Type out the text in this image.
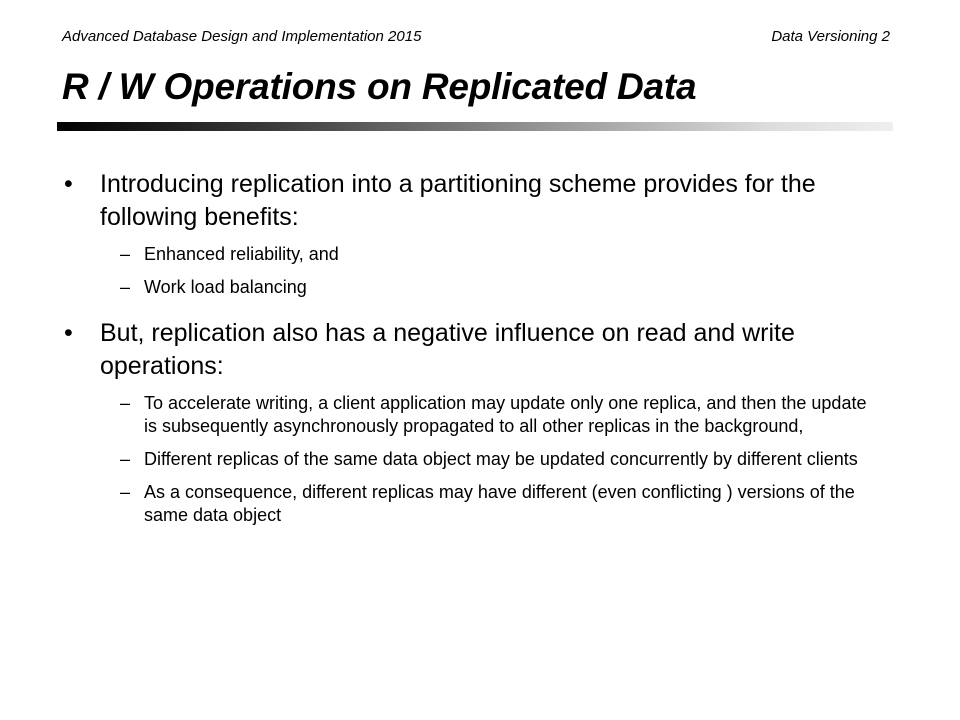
Advanced Database Design and Implementation 2015	Data Versioning 2
R / W Operations on Replicated Data
• Introducing replication into a partitioning scheme provides for the following benefits:
– Enhanced reliability, and
– Work load balancing
• But, replication also has a negative influence on read and write operations:
– To accelerate writing, a client application may update only one replica, and then the update is subsequently asynchronously propagated to all other replicas in the background,
– Different replicas of the same data object may be updated concurrently by different clients
– As a consequence, different replicas may have different (even conflicting ) versions of the same data object
